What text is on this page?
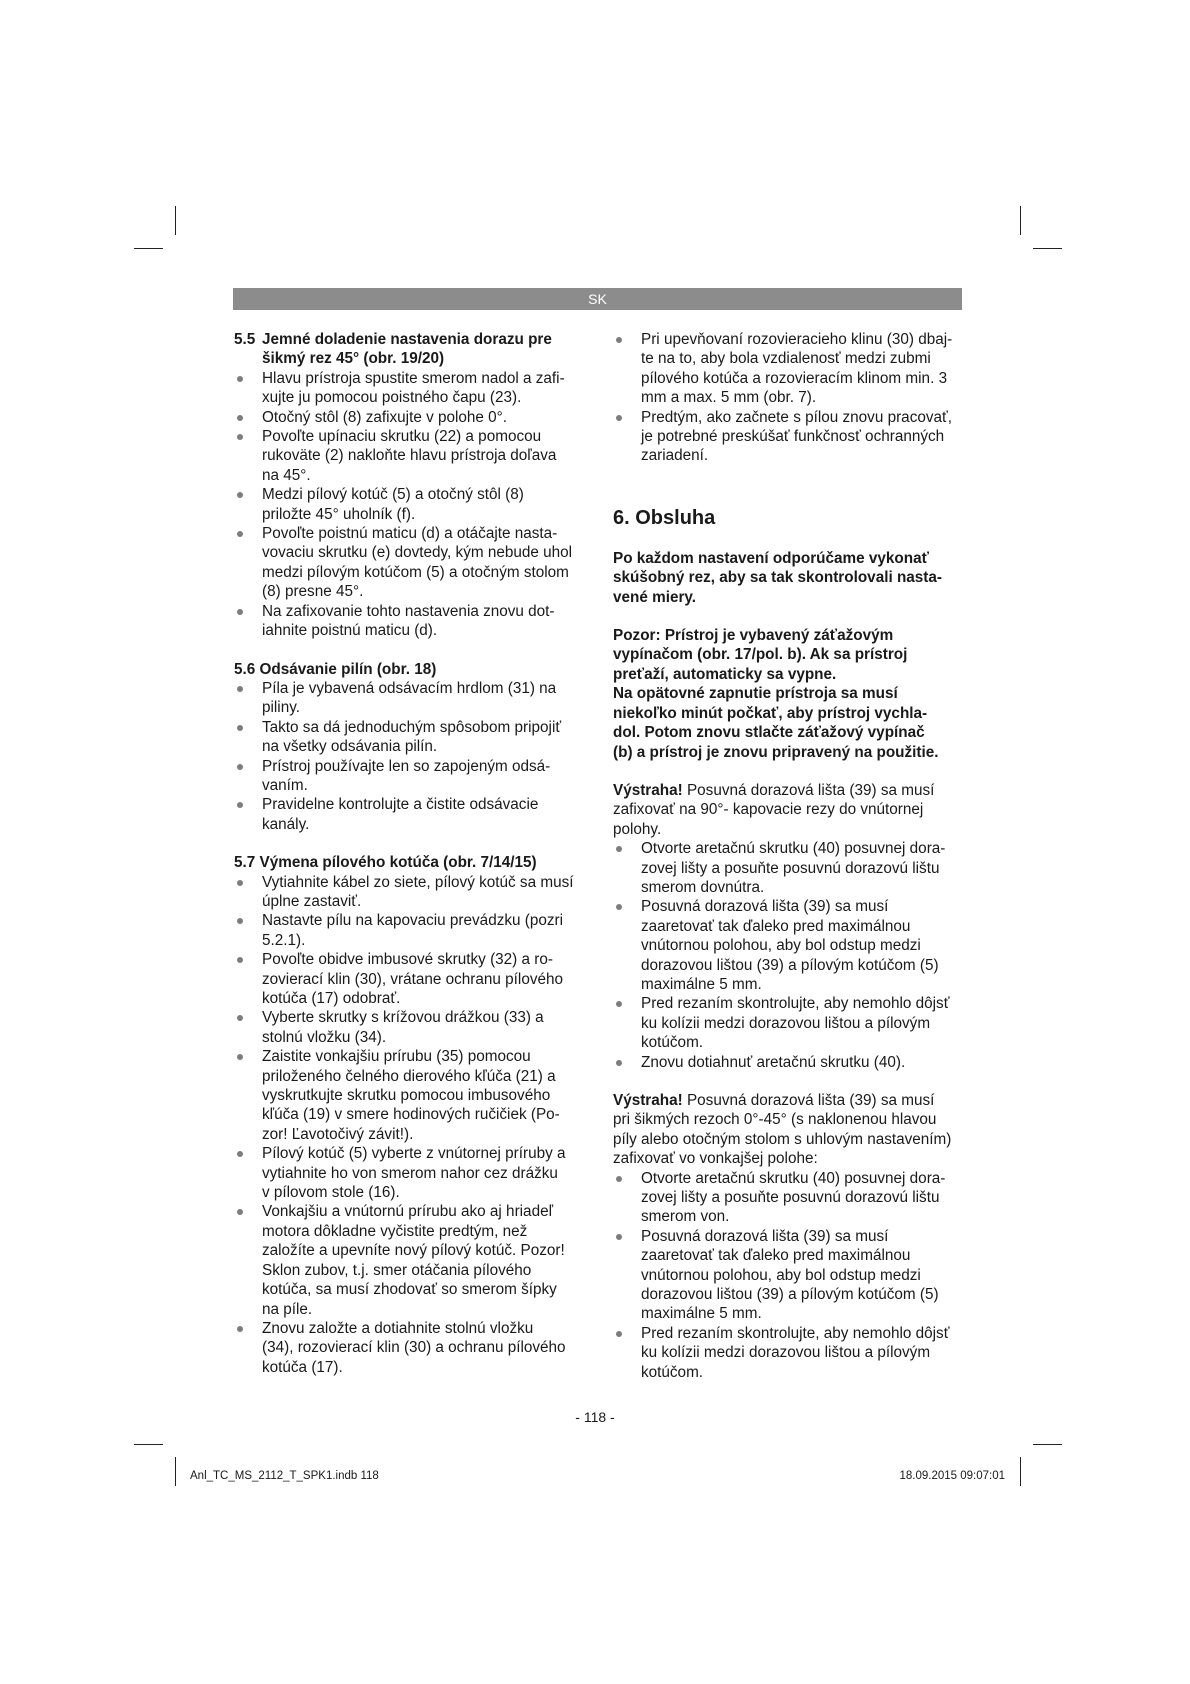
SK
5.5 Jemné doladenie nastavenia dorazu pre
šikmý rez 45° (obr. 19/20)
Hlavu prístroja spustite smerom nadol a zafi-
xujte ju pomocou poistného čapu (23).
Otočný stôl (8) zafixujte v polohe 0°.
Povoľte upínaciu skrutku (22) a pomocou
rukoväte (2) nakloňte hlavu prístroja doľava
na 45°.
Medzi pílový kotúč (5) a otočný stôl (8)
priložte 45° uholník (f).
Povoľte poistnú maticu (d) a otáčajte nasta-
vovaciu skrutku (e) dovtedy, kým nebude uhol
medzi pílovým kotúčom (5) a otočným stolom
(8) presne 45°.
Na zafixovanie tohto nastavenia znovu dot-
iahnite poistnú maticu (d).
5.6 Odsávanie pilín (obr. 18)
Píla je vybavená odsávacím hrdlom (31) na
piliny.
Takto sa dá jednoduchým spôsobom pripojiť
na všetky odsávania pilín.
Prístroj používajte len so zapojeným odsá-
vaním.
Pravidelne kontrolujte a čistite odsávacie
kanály.
5.7 Výmena pílového kotúča (obr. 7/14/15)
Vytiahnite kábel zo siete, pílový kotúč sa musí
úplne zastaviť.
Nastavte pílu na kapovaciu prevádzku (pozri
5.2.1).
Povoľte obidve imbusové skrutky (32) a ro-
zovierací klin (30), vrátane ochranu pílového
kotúča (17) odobrať.
Vyberte skrutky s krížovou drážkou (33) a
stolnú vložku (34).
Zaistite vonkajšiu prírubu (35) pomocou
priloženého čelného dierového kľúča (21) a
vyskrutkujte skrutku pomocou imbusového
kľúča (19) v smere hodinových ručičiek (Po-
zor! Ľavotočivý závit!).
Pílový kotúč (5) vyberte z vnútornej príruby a
vytiahnite ho von smerom nahor cez drážku
v pílovom stole (16).
Vonkajšiu a vnútornú prírubu ako aj hriadeľ
motora dôkladne vyčistite predtým, než
založíte a upevníte nový pílový kotúč. Pozor!
Sklon zubov, t.j. smer otáčania pílového
kotúča, sa musí zhodovať so smerom šípky
na píle.
Znovu založte a dotiahnite stolnú vložku
(34), rozovierací klin (30) a ochranu pílového
kotúča (17).
Pri upevňovaní rozovieracieho klinu (30) dbaj-
te na to, aby bola vzdialenosť medzi zubmi
pílového kotúča a rozovieracím klinom min. 3
mm a max. 5 mm (obr. 7).
Predtým, ako začnete s pílou znovu pracovať,
je potrebné preskúšať funkčnosť ochranných
zariadení.
6. Obsluha

Po každom nastavení odporúčame vykonať
skúšobný rez, aby sa tak skontrolovali nasta-
vené miery.

Pozor: Prístroj je vybavený záťažovým
vypínačom (obr. 17/pol. b). Ak sa prístroj
preťaží, automaticky sa vypne.
Na opätovné zapnutie prístroja sa musí
niekoľko minút počkať, aby prístroj vychla-
dol. Potom znovu stlačte záťažový vypínač
(b) a prístroj je znovu pripravený na použitie.

Výstraha! Posuvná dorazová lišta (39) sa musí
zafixovať na 90°- kapovacie rezy do vnútornej
polohy.

Otvorte aretačnú skrutku (40) posuvnej dora-
zovej lišty a posuňte posuvnú dorazovú lištu
smerom dovnútra.
Posuvná dorazová lišta (39) sa musí
zaaretovať tak ďaleko pred maximálnou
vnútornou polohou, aby bol odstup medzi
dorazovou lištou (39) a pílovým kotúčom (5)
maximálne 5 mm.
Pred rezaním skontrolujte, aby nemohlo dôjsť
ku kolízii medzi dorazovou lištou a pílovým
kotúčom.
Znovu dotiahnuť aretačnú skrutku (40).

Výstraha! Posuvná dorazová lišta (39) sa musí
pri šikmých rezoch 0°-45° (s naklonenou hlavou
píly alebo otočným stolom s uhlovým nastavením)
zafixovať vo vonkajšej polohe:

Otvorte aretačnú skrutku (40) posuvnej dora-
zovej lišty a posuňte posuvnú dorazovú lištu
smerom von.
Posuvná dorazová lišta (39) sa musí
zaaretovať tak ďaleko pred maximálnou
vnútornou polohou, aby bol odstup medzi
dorazovou lištou (39) a pílovým kotúčom (5)
maximálne 5 mm.
Pred rezaním skontrolujte, aby nemohlo dôjsť
ku kolízii medzi dorazovou lištou a pílovým
kotúčom.
- 118 -
Anl_TC_MS_2112_T_SPK1.indb 118	18.09.2015 09:07:01
